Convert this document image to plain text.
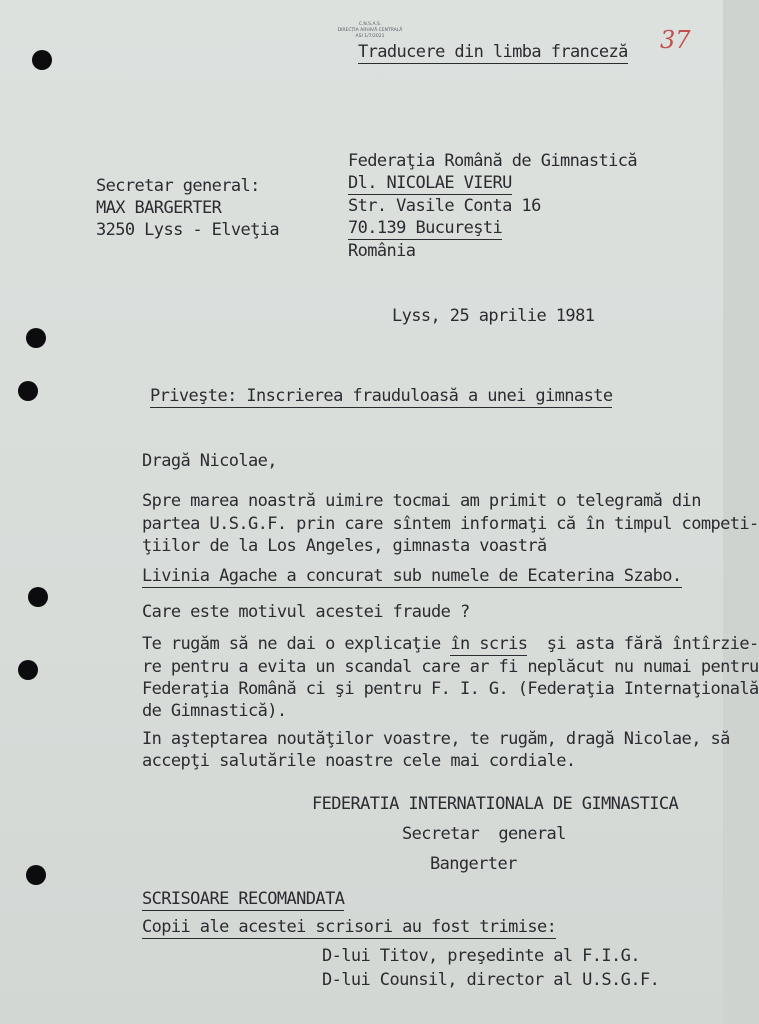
C.N.S.A.S.
DIRECȚIA ARHIVĂ CENTRALĂ
ASI 1/7/2021	37
Traducere din limba franceză
Secretar general:
MAX BARGERTER
3250 Lyss - Elveţia
Federaţia Română de Gimnastică
Dl. NICOLAE VIERU
Str. Vasile Conta 16
70.139 Bucureşti
România
Lyss, 25 aprilie 1981
Priveşte: Inscrierea frauduloasă a unei gimnaste
Dragă Nicolae,
Spre marea noastră uimire tocmai am primit o telegramă din
partea U.S.G.F. prin care sîntem informaţi că în timpul competi-
ţiilor de la Los Angeles, gimnasta voastră
Livinia Agache a concurat sub numele de Ecaterina Szabo.
Care este motivul acestei fraude ?
Te rugăm să ne dai o explicaţie în scris  şi asta fără întîrzie-
re pentru a evita un scandal care ar fi neplăcut nu numai pentru
Federaţia Română ci şi pentru F. I. G. (Federaţia Internaţională
de Gimnastică).
In aşteptarea noutăţilor voastre, te rugăm, dragă Nicolae, să
accepţi salutările noastre cele mai cordiale.
FEDERATIA INTERNATIONALA DE GIMNASTICA
Secretar  general
Bangerter
SCRISOARE RECOMANDATA
Copii ale acestei scrisori au fost trimise:
D-lui Titov, preşedinte al F.I.G.
D-lui Counsil, director al U.S.G.F.
